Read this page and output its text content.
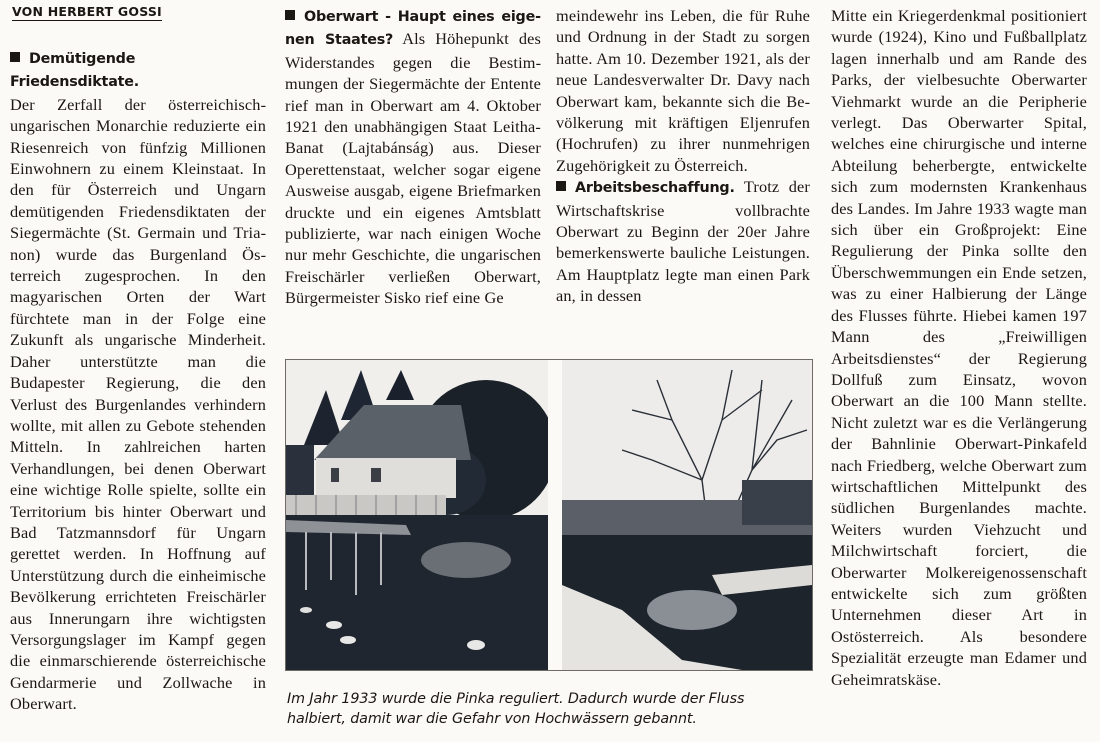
VON HERBERT GOSSI

Demütigende Friedensdiktate.

Der Zerfall der österreichischungarischen Monarchie reduzierte ein Riesenreich von fünfzig Millionen Einwohnern zu einem Kleinstaat. In den für Österreich und Ungarn demütigenden Friedensdiktaten der Siegermächte (St. Germain und Trianon) wurde das Burgenland Österreich zugesprochen. In den magyarischen Orten der Wart fürchtete man in der Folge eine Zukunft als ungarische Minderheit. Daher unterstützte man die Budapester Regierung, die den Verlust des Burgenlandes verhindern wollte, mit allen zu Gebote stehenden Mitteln. In zahlreichen harten Verhandlungen, bei denen Oberwart eine wichtige Rolle spielte, sollte ein Territorium bis hinter Oberwart und Bad Tatzmannsdorf für Ungarn gerettet werden. In Hoffnung auf Unterstützung durch die einheimische Bevölkerung errichteten Freischärler aus Innerungarn ihre wichtigsten Versorgungslager im Kampf gegen die einmarschierende österreichische Gendarmerie und Zollwache in Oberwart.

Oberwart - Haupt eines eigenen Staates? Als Höhepunkt des Widerstandes gegen die Bestimmungen der Siegermächte der Entente rief man in Oberwart am 4. Oktober 1921 den unabhängigen Staat Leitha-Banat (Lajtabánság) aus. Dieser Operettenstaat, welcher sogar eigene Ausweise ausgab, eigene Briefmarken druckte und ein eigenes Amtsblatt publizierte, war nach einigen Woche nur mehr Geschichte, die ungarischen Freischärler verließen Oberwart, Bürgermeister Sisko rief eine Ge

meindewehr ins Leben, die für Ruhe und Ordnung in der Stadt zu sorgen hatte. Am 10. Dezember 1921, als der neue Landesverwalter Dr. Davy nach Oberwart kam, bekannte sich die Bevölkerung mit kräftigen Eljenrufen (Hochrufen) zu ihrer nunmehrigen Zugehörigkeit zu Österreich.

Arbeitsbeschaffung. Trotz der Wirtschaftskrise vollbrachte Oberwart zu Beginn der 20er Jahre bemerkenswerte bauliche Leistungen. Am Hauptplatz legte man einen Park an, in dessen

Mitte ein Kriegerdenkmal positioniert wurde (1924), Kino und Fußballplatz lagen innerhalb und am Rande des Parks, der vielbesuchte Oberwarter Viehmarkt wurde an die Peripherie verlegt. Das Oberwarter Spital, welches eine chirurgische und interne Abteilung beherbergte, entwickelte sich zum modernsten Krankenhaus des Landes. Im Jahre 1933 wagte man sich über ein Großprojekt: Eine Regulierung der Pinka sollte den Überschwemmungen ein Ende setzen, was zu einer Halbierung der Länge des Flusses führte. Hiebei kamen 197 Mann des „Freiwilligen Arbeitsdienstes“ der Regierung Dollfuß zum Einsatz, wovon Oberwart an die 100 Mann stellte. Nicht zuletzt war es die Verlängerung der Bahnlinie Oberwart-Pinkafeld nach Friedberg, welche Oberwart zum wirtschaftlichen Mittelpunkt des südlichen Burgenlandes machte. Weiters wurden Viehzucht und Milchwirtschaft forciert, die Oberwarter Molkereigenossenschaft entwickelte sich zum größten Unternehmen dieser Art in Ostösterreich. Als besondere Spezialität erzeugte man Edamer und Geheimratskäse.

Im Jahr 1933 wurde die Pinka reguliert. Dadurch wurde der Fluss
halbiert, damit war die Gefahr von Hochwässern gebannt.
